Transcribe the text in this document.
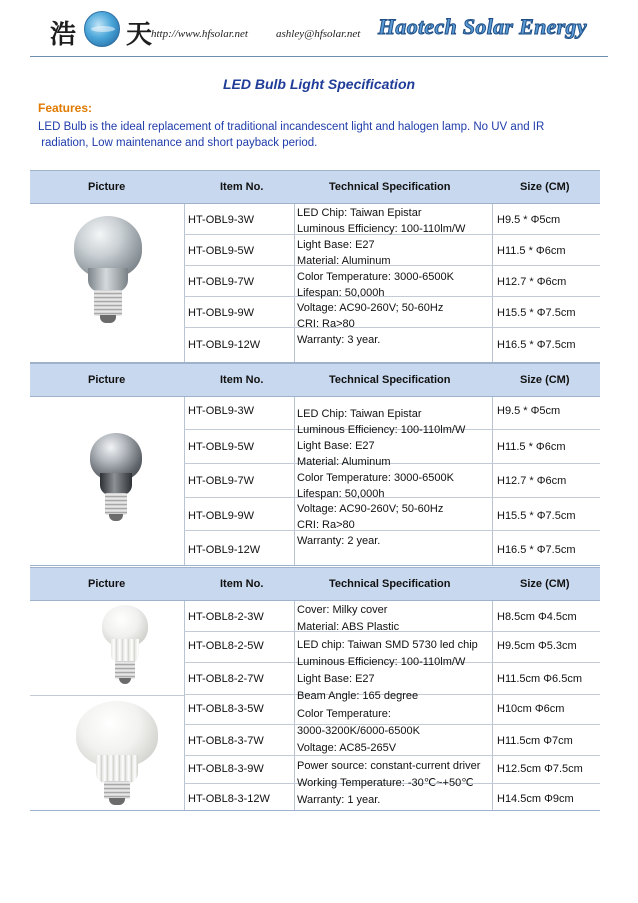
浩 天
http://www.hfsolar.net	ashley@hfsolar.net Haotech Solar Energy
LED Bulb Light Specification
Features:
LED Bulb is the ideal replacement of traditional incandescent light and halogen lamp. No UV and IR
radiation, Low maintenance and short payback period.
Picture	Item No.	Technical Specification	Size (CM)
HT-OBL9-3W	H9.5 * Φ5cm
HT-OBL9-5W	H11.5 * Φ6cm
HT-OBL9-7W	H12.7 * Φ6cm
HT-OBL9-9W	H15.5 * Φ7.5cm
HT-OBL9-12W	H16.5 * Φ7.5cm
LED Chip: Taiwan Epistar
Luminous Efficiency: 100-110lm/W
Light Base: E27
Material: Aluminum
Color Temperature: 3000-6500K
Lifespan: 50,000h
Voltage: AC90-260V; 50-60Hz
CRI: Ra>80
Warranty: 3 year.
Picture	Item No.	Technical Specification	Size (CM)
HT-OBL9-3W	H9.5 * Φ5cm
HT-OBL9-5W	H11.5 * Φ6cm
HT-OBL9-7W	H12.7 * Φ6cm
HT-OBL9-9W	H15.5 * Φ7.5cm
HT-OBL9-12W	H16.5 * Φ7.5cm
LED Chip: Taiwan Epistar
Luminous Efficiency: 100-110lm/W
Light Base: E27
Material: Aluminum
Color Temperature: 3000-6500K
Lifespan: 50,000h
Voltage: AC90-260V; 50-60Hz
CRI: Ra>80
Warranty: 2 year.
Picture	Item No.	Technical Specification	Size (CM)
HT-OBL8-2-3W	H8.5cm Φ4.5cm
HT-OBL8-2-5W	H9.5cm Φ5.3cm
HT-OBL8-2-7W	H11.5cm Φ6.5cm
HT-OBL8-3-5W	H10cm Φ6cm
HT-OBL8-3-7W	H11.5cm Φ7cm
HT-OBL8-3-9W	H12.5cm Φ7.5cm
HT-OBL8-3-12W	H14.5cm Φ9cm
Cover: Milky cover
Material: ABS Plastic
LED chip: Taiwan SMD 5730 led chip
Luminous Efficiency: 100-110lm/W
Light Base: E27
Beam Angle: 165 degree
Color Temperature:
3000-3200K/6000-6500K
Voltage: AC85-265V
Power source: constant-current driver
Working Temperature: -30℃~+50℃
Warranty: 1 year.
